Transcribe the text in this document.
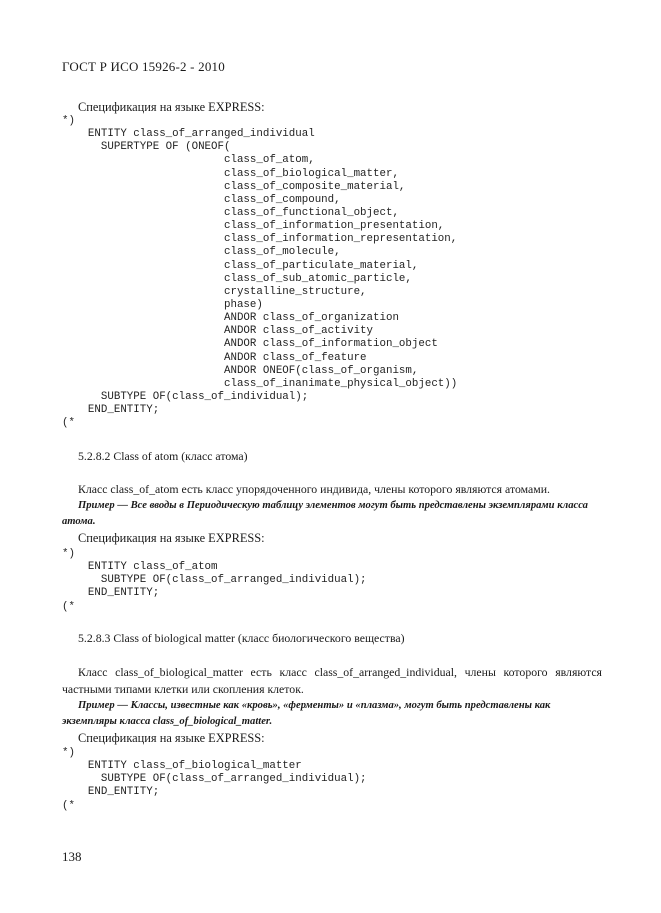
ГОСТ Р ИСО 15926-2 - 2010
Спецификация на языке EXPRESS:
*)
ENTITY class_of_arranged_individual
SUPERTYPE OF (ONEOF(
class_of_atom,
class_of_biological_matter,
class_of_composite_material,
class_of_compound,
class_of_functional_object,
class_of_information_presentation,
class_of_information_representation,
class_of_molecule,
class_of_particulate_material,
class_of_sub_atomic_particle,
crystalline_structure,
phase)
ANDOR class_of_organization
ANDOR class_of_activity
ANDOR class_of_information_object
ANDOR class_of_feature
ANDOR ONEOF(class_of_organism,
class_of_inanimate_physical_object))
SUBTYPE OF(class_of_individual);
END_ENTITY;
(*
5.2.8.2 Class of atom (класс атома)

Класс class_of_atom есть класс упорядоченного индивида, члены которого являются атомами.

Пример — Все вводы в Периодическую таблицу элементов могут быть представлены экземплярами класса атома.

Спецификация на языке EXPRESS:
*)
ENTITY class_of_atom
SUBTYPE OF(class_of_arranged_individual);
END_ENTITY;
(*
5.2.8.3 Class of biological matter (класс биологического вещества)

Класс class_of_biological_matter есть класс class_of_arranged_individual, члены которого являются частными типами клетки или скопления клеток.

Пример — Классы, известные как «кровь», «ферменты» и «плазма», могут быть представлены как экземпляры класса class_of_biological_matter.

Спецификация на языке EXPRESS:
*)
ENTITY class_of_biological_matter
SUBTYPE OF(class_of_arranged_individual);
END_ENTITY;
(*
138
